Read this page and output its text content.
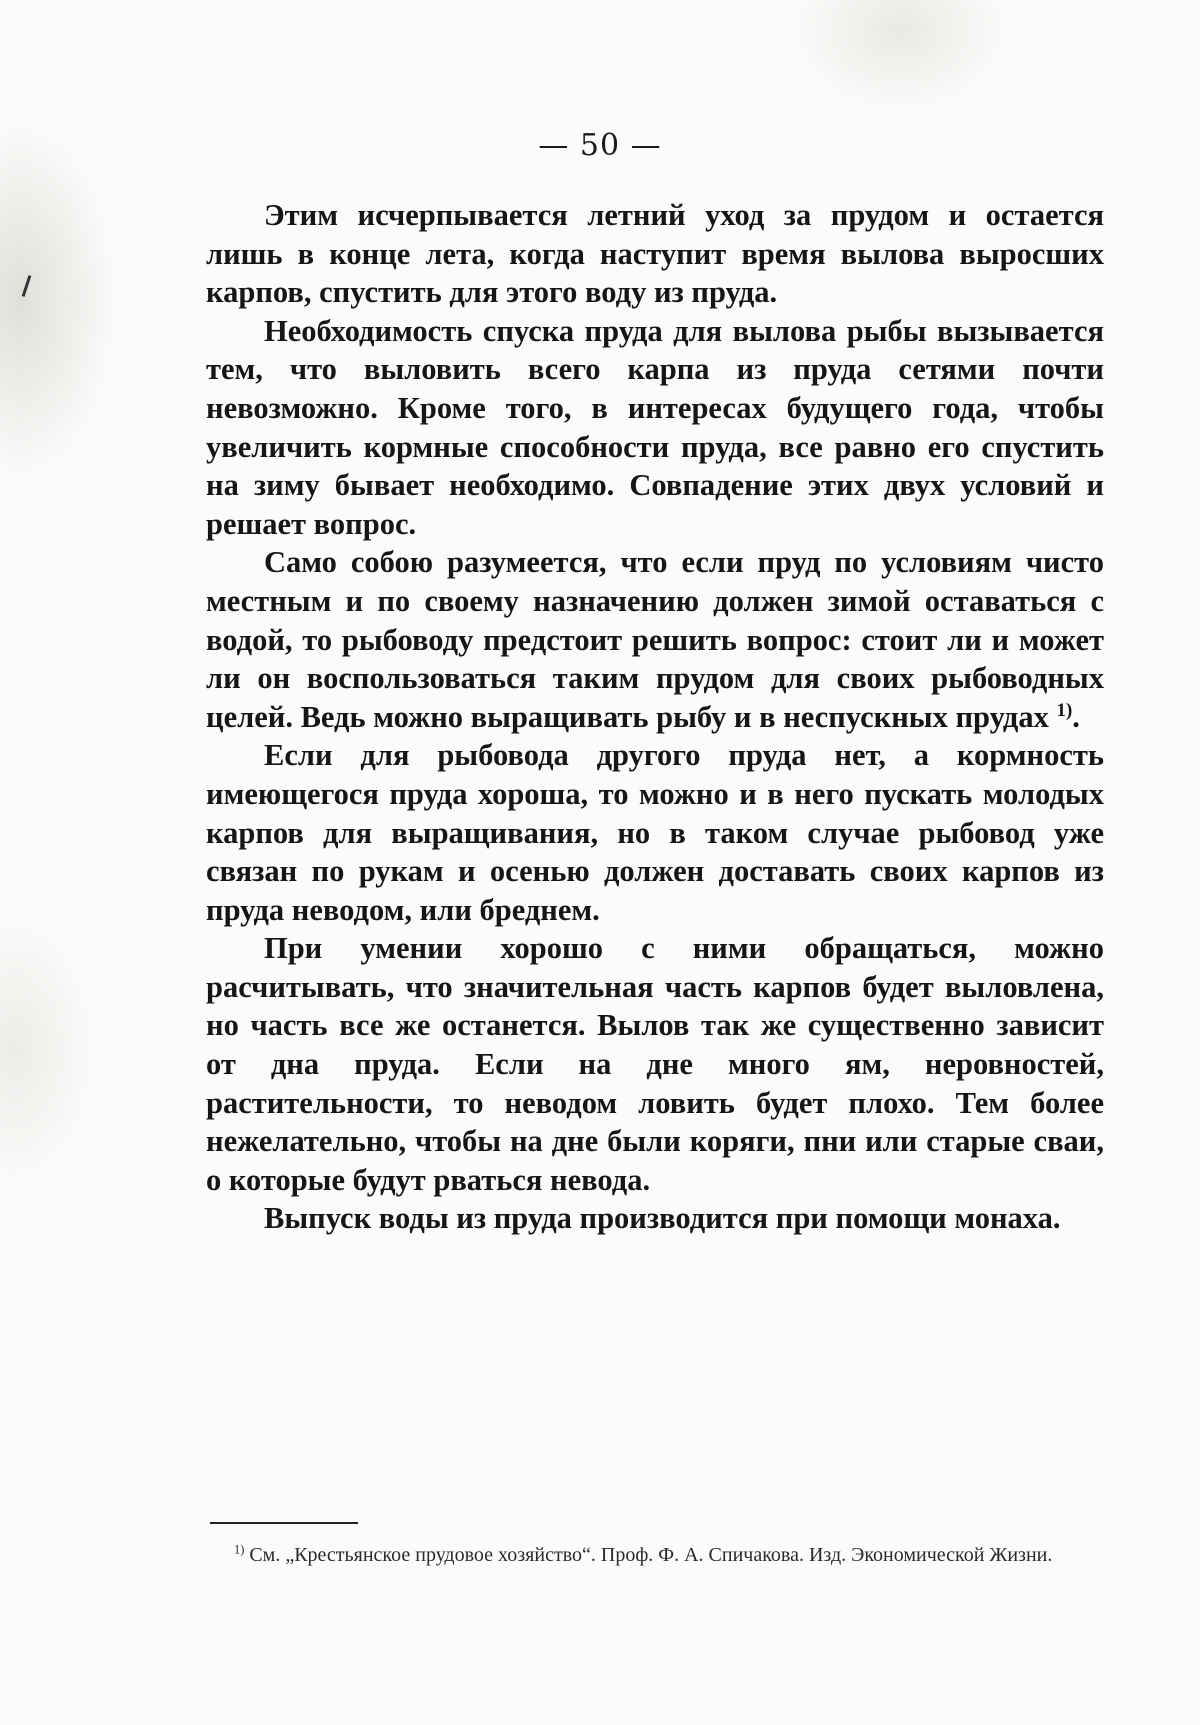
— 50 —

Этим исчерпывается летний уход за прудом и остается лишь в конце лета, когда наступит время вылова выросших карпов, спустить для этого воду из пруда.

Необходимость спуска пруда для вылова рыбы вызывается тем, что выловить всего карпа из пруда сетями почти невозможно. Кроме того, в интересах будущего года, чтобы увеличить кормные способности пруда, все равно его спустить на зиму бывает необходимо. Совпадение этих двух условий и решает вопрос.

Само собою разумеется, что если пруд по условиям чисто местным и по своему назначению должен зимой оставаться с водой, то рыбоводу предстоит решить вопрос: стоит ли и может ли он воспользоваться таким прудом для своих рыбоводных целей. Ведь можно выращивать рыбу и в неспускных прудах $^{1)}$.

Если для рыбовода другого пруда нет, а кормность имеющегося пруда хороша, то можно и в него пускать молодых карпов для выращивания, но в таком случае рыбовод уже связан по рукам и осенью должен доставать своих карпов из пруда неводом, или бреднем.

При умении хорошо с ними обращаться, можно расчитывать, что значительная часть карпов будет выловлена, но часть все же останется. Вылов так же существенно зависит от дна пруда. Если на дне много ям, неровностей, растительности, то неводом ловить будет плохо. Тем более нежелательно, чтобы на дне были коряги, пни или старые сваи, о которые будут рваться невода.

Выпуск воды из пруда производится при помощи монаха.

$^{1)}$ См. „Крестьянское прудовое хозяйство“. Проф. Ф. А. Спичакова. Изд. Экономической Жизни.
